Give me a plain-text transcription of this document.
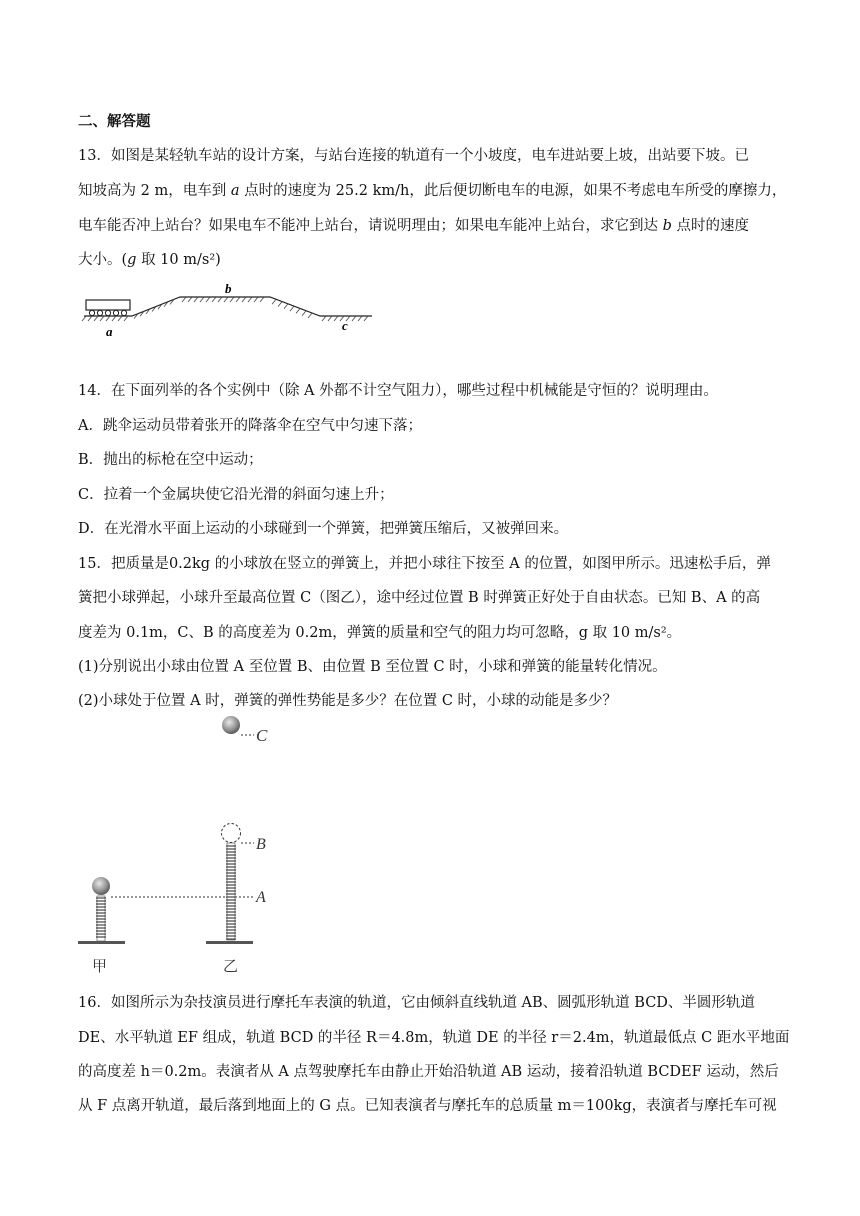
二、解答题
13．如图是某轻轨车站的设计方案，与站台连接的轨道有一个小坡度，电车进站要上坡，出站要下坡。已
知坡高为 2 m，电车到 a 点时的速度为 25.2 km/h，此后便切断电车的电源，如果不考虑电车所受的摩擦力，
电车能否冲上站台？如果电车不能冲上站台，请说明理由；如果电车能冲上站台，求它到达 b 点时的速度
大小。(g 取 10 m/s²)
a
b
c
14．在下面列举的各个实例中（除 A 外都不计空气阻力），哪些过程中机械能是守恒的？说明理由。
A．跳伞运动员带着张开的降落伞在空气中匀速下落；
B．抛出的标枪在空中运动；
C．拉着一个金属块使它沿光滑的斜面匀速上升；
D．在光滑水平面上运动的小球碰到一个弹簧，把弹簧压缩后，又被弹回来。
15．把质量是0.2kg 的小球放在竖立的弹簧上，并把小球往下按至 A 的位置，如图甲所示。迅速松手后，弹
簧把小球弹起，小球升至最高位置 C（图乙），途中经过位置 B 时弹簧正好处于自由状态。已知 B、A 的高
度差为 0.1m，C、B 的高度差为 0.2m，弹簧的质量和空气的阻力均可忽略，g 取 10 m/s²。
(1)分别说出小球由位置 A 至位置 B、由位置 B 至位置 C 时，小球和弹簧的能量转化情况。
(2)小球处于位置 A 时，弹簧的弹性势能是多少？在位置 C 时，小球的动能是多少？
C
B
A
甲	乙
16．如图所示为杂技演员进行摩托车表演的轨道，它由倾斜直线轨道 AB、圆弧形轨道 BCD、半圆形轨道
DE、水平轨道 EF 组成，轨道 BCD 的半径 R＝4.8m，轨道 DE 的半径 r＝2.4m，轨道最低点 C 距水平地面
的高度差 h＝0.2m。表演者从 A 点驾驶摩托车由静止开始沿轨道 AB 运动，接着沿轨道 BCDEF 运动，然后
从 F 点离开轨道，最后落到地面上的 G 点。已知表演者与摩托车的总质量 m＝100kg，表演者与摩托车可视
